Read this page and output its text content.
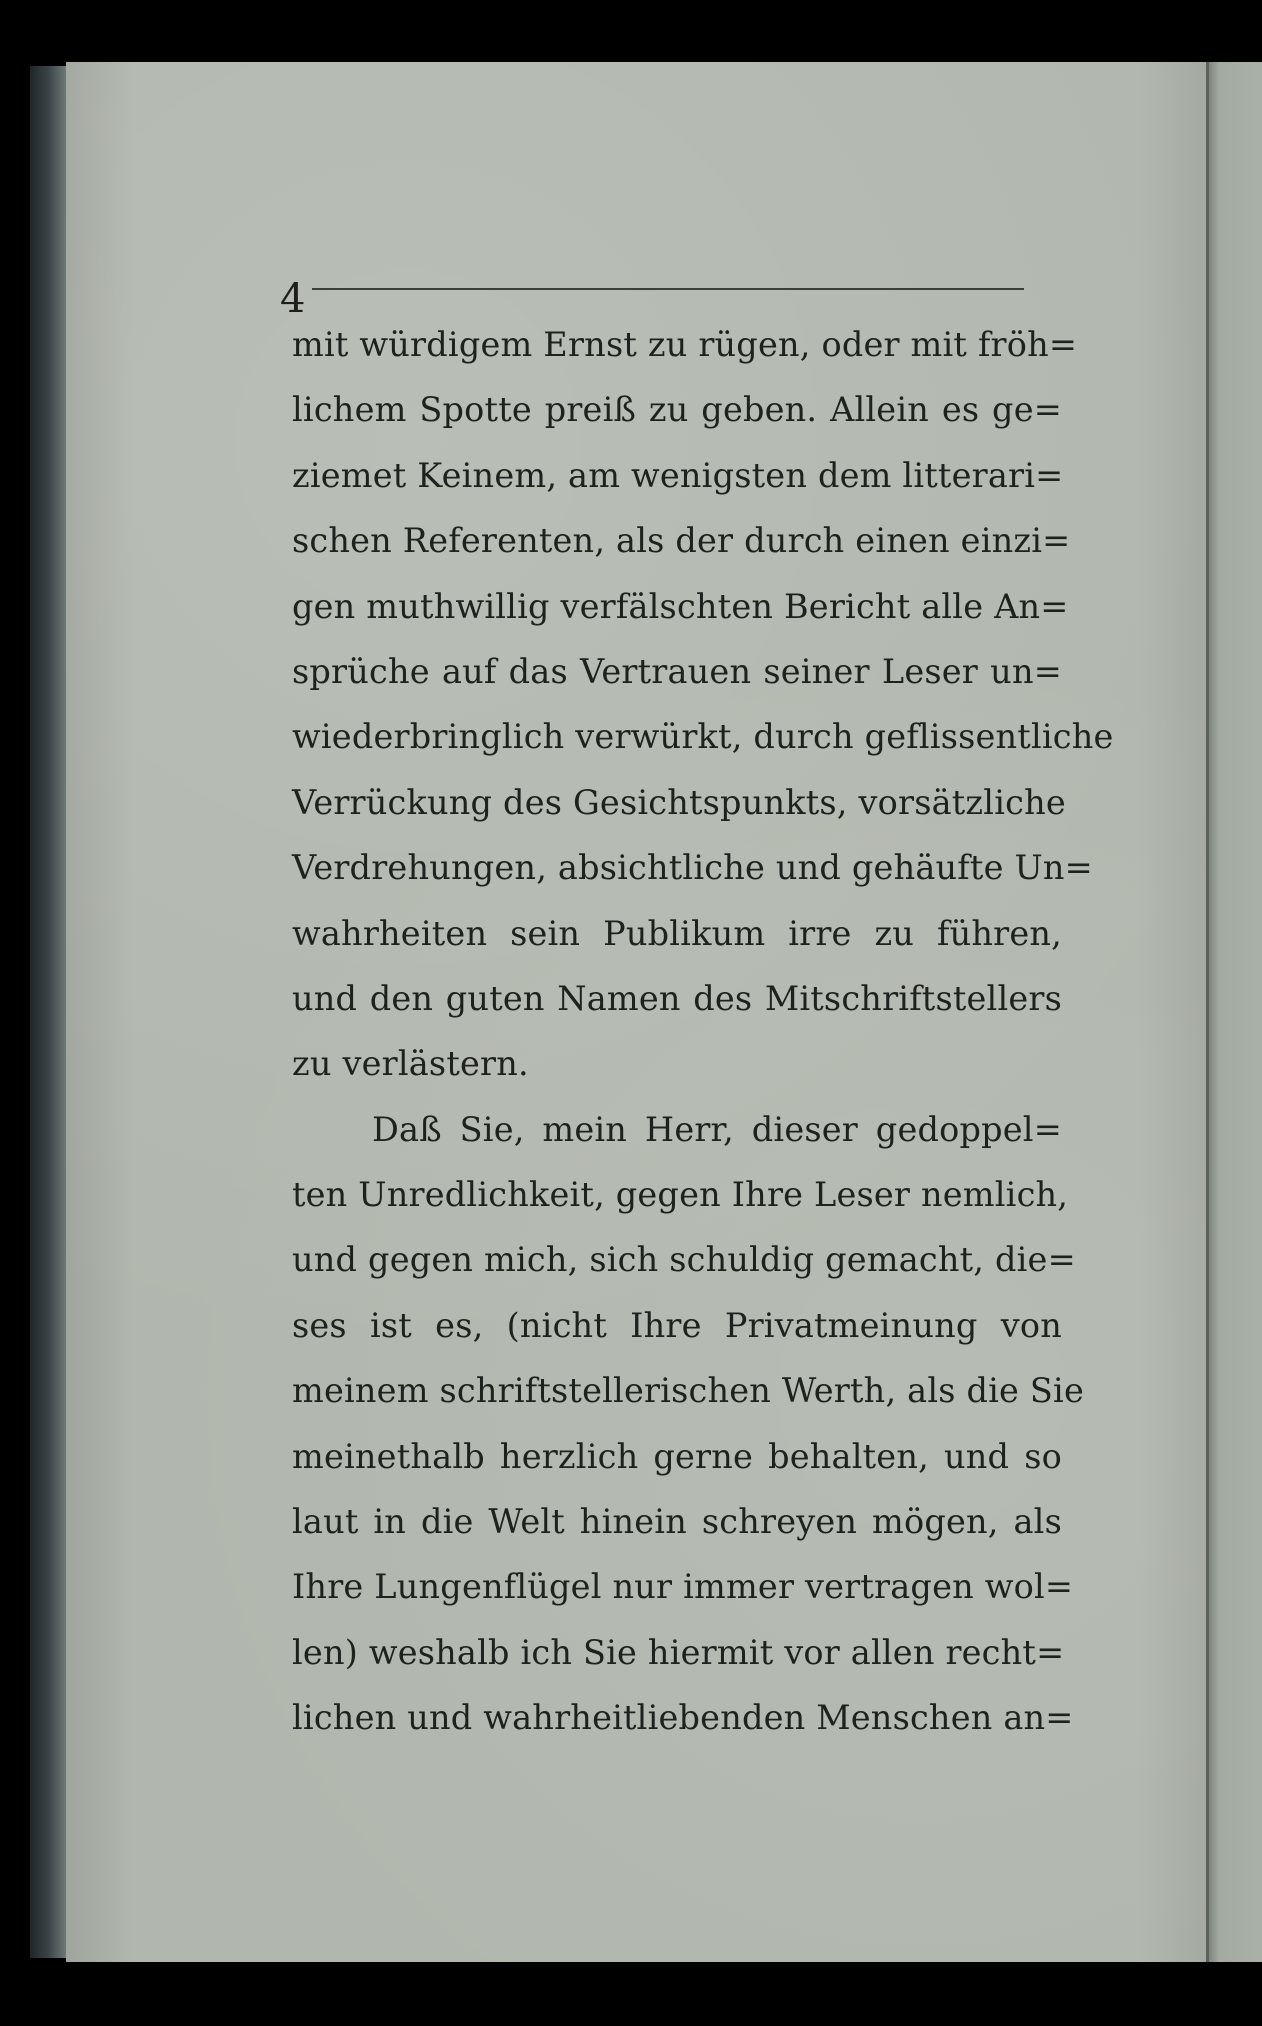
4
mit würdigem Ernst zu rügen, oder mit fröh=
lichem Spotte preiß zu geben. Allein es ge=
ziemet Keinem, am wenigsten dem litterari=
schen Referenten, als der durch einen einzi=
gen muthwillig verfälschten Bericht alle An=
sprüche auf das Vertrauen seiner Leser un=
wiederbringlich verwürkt, durch geflissentliche
Verrückung des Gesichtspunkts, vorsätzliche
Verdrehungen, absichtliche und gehäufte Un=
wahrheiten sein Publikum irre zu führen,
und den guten Namen des Mitschriftstellers
zu verlästern.
Daß Sie, mein Herr, dieser gedoppel=
ten Unredlichkeit, gegen Ihre Leser nemlich,
und gegen mich, sich schuldig gemacht, die=
ses ist es, (nicht Ihre Privatmeinung von
meinem schriftstellerischen Werth, als die Sie
meinethalb herzlich gerne behalten, und so
laut in die Welt hinein schreyen mögen, als
Ihre Lungenflügel nur immer vertragen wol=
len) weshalb ich Sie hiermit vor allen recht=
lichen und wahrheitliebenden Menschen an=
